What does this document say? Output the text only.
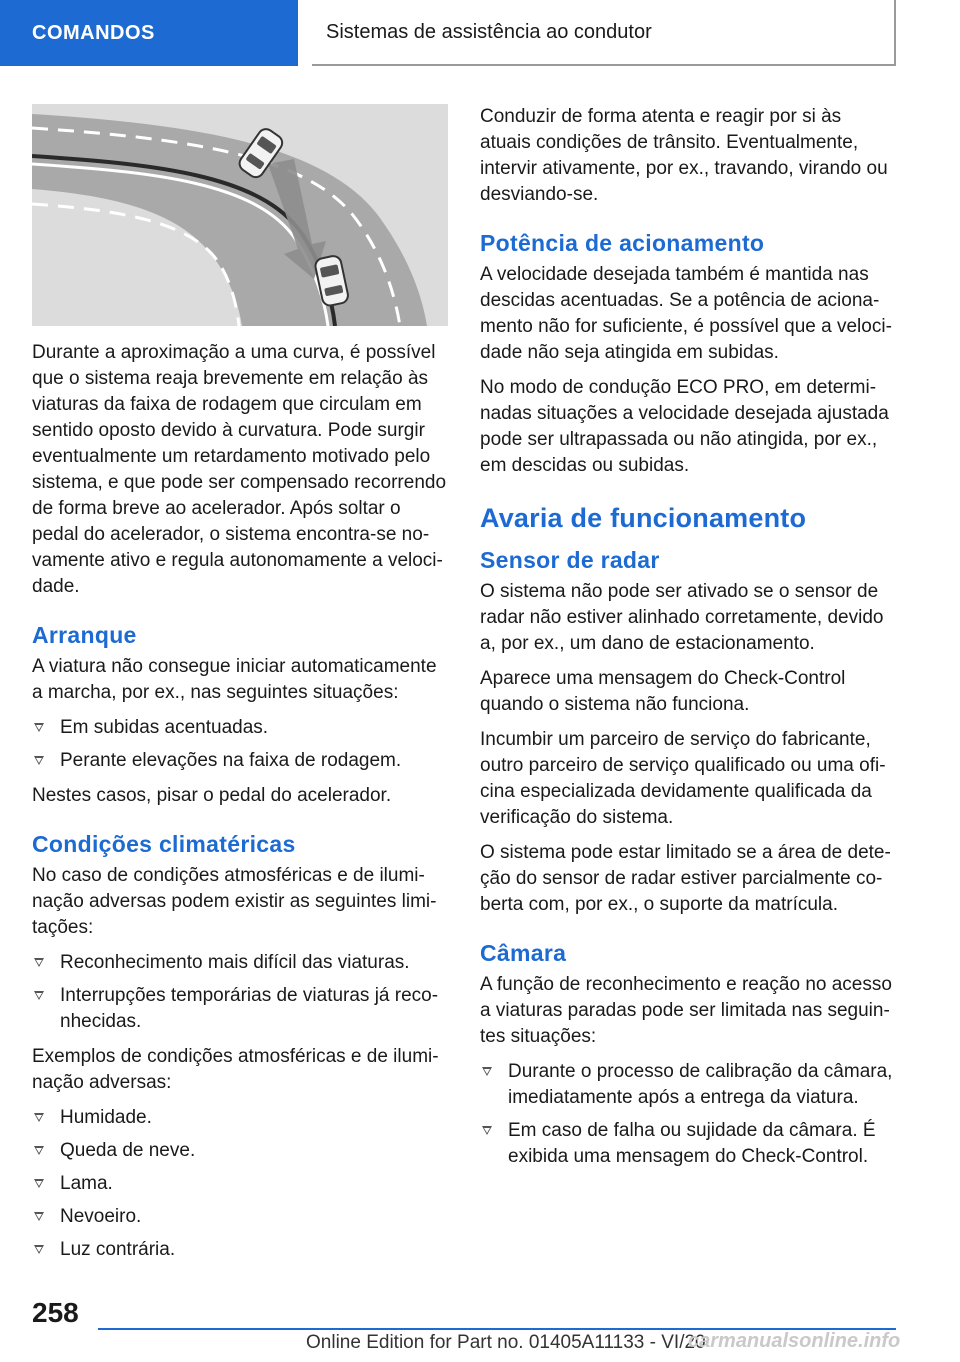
COMANDOS	Sistemas de assistência ao condutor

Durante a aproximação a uma curva, é possível que o sistema reaja brevemente em relação às viaturas da faixa de rodagem que circulam em sentido oposto devido à curvatura. Pode surgir eventualmente um retardamento motivado pelo sistema, e que pode ser compensado recorrendo de forma breve ao acelerador. Após soltar o pedal do acelerador, o sistema encontra-se novamente ativo e regula autonomamente a velocidade.

Arranque

A viatura não consegue iniciar automaticamente a marcha, por ex., nas seguintes situações:

Em subidas acentuadas.
Perante elevações na faixa de rodagem.

Nestes casos, pisar o pedal do acelerador.

Condições climatéricas

No caso de condições atmosféricas e de iluminação adversas podem existir as seguintes limitações:

Reconhecimento mais difícil das viaturas.
Interrupções temporárias de viaturas já reconhecidas.

Exemplos de condições atmosféricas e de iluminação adversas:

Humidade.
Queda de neve.
Lama.
Nevoeiro.
Luz contrária.

Conduzir de forma atenta e reagir por si às atuais condições de trânsito. Eventualmente, intervir ativamente, por ex., travando, virando ou desviando-se.

Potência de acionamento

A velocidade desejada também é mantida nas descidas acentuadas. Se a potência de acionamento não for suficiente, é possível que a velocidade não seja atingida em subidas.

No modo de condução ECO PRO, em determinadas situações a velocidade desejada ajustada pode ser ultrapassada ou não atingida, por ex., em descidas ou subidas.

Avaria de funcionamento
Sensor de radar

O sistema não pode ser ativado se o sensor de radar não estiver alinhado corretamente, devido a, por ex., um dano de estacionamento.

Aparece uma mensagem do Check-Control quando o sistema não funciona.

Incumbir um parceiro de serviço do fabricante, outro parceiro de serviço qualificado ou uma oficina especializada devidamente qualificada da verificação do sistema.

O sistema pode estar limitado se a área de deteção do sensor de radar estiver parcialmente coberta com, por ex., o suporte da matrícula.

Câmara

A função de reconhecimento e reação no acesso a viaturas paradas pode ser limitada nas seguintes situações:

Durante o processo de calibração da câmara, imediatamente após a entrega da viatura.
Em caso de falha ou sujidade da câmara. É exibida uma mensagem do Check-Control.
258
Online Edition for Part no. 01405A11133 - VI/20
carmanualsonline.info
